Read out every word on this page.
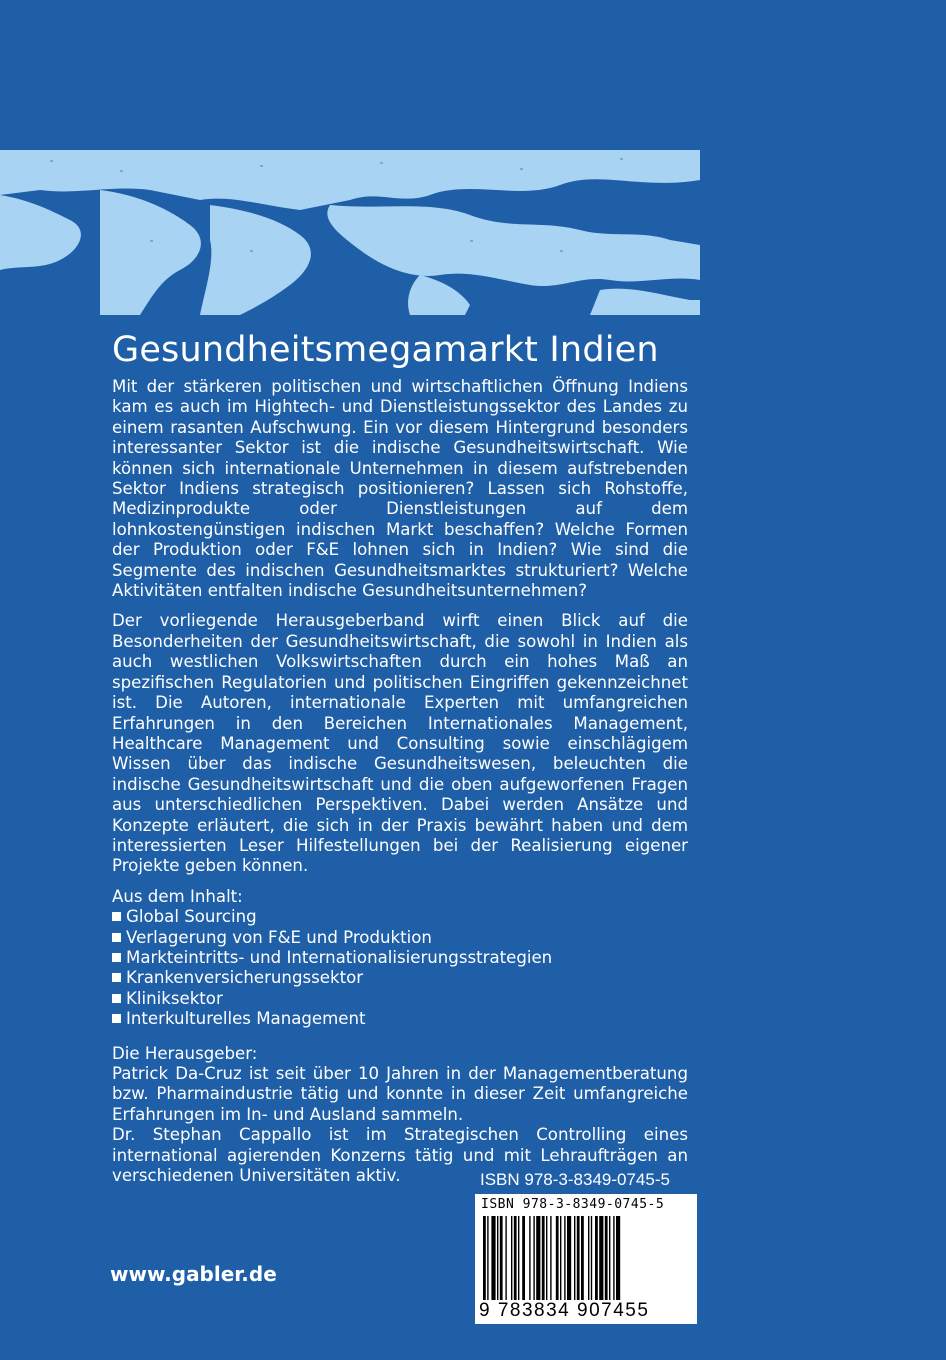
Gesundheitsmegamarkt Indien

Mit der stärkeren politischen und wirtschaftlichen Öffnung Indiens kam es auch im Hightech- und Dienstleistungssektor des Landes zu einem rasanten Aufschwung. Ein vor diesem Hintergrund besonders interessanter Sektor ist die indische Gesundheitswirtschaft. Wie können sich internationale Unternehmen in diesem aufstrebenden Sektor Indiens strategisch positionieren? Lassen sich Rohstoffe, Medizinprodukte oder Dienstleistungen auf dem lohnkostengünstigen indischen Markt beschaffen? Welche Formen der Produktion oder F&E lohnen sich in Indien? Wie sind die Segmente des indischen Gesundheitsmarktes strukturiert? Welche Aktivitäten entfalten indische Gesundheitsunternehmen?

Der vorliegende Herausgeberband wirft einen Blick auf die Besonderheiten der Gesundheitswirtschaft, die sowohl in Indien als auch westlichen Volkswirtschaften durch ein hohes Maß an spezifischen Regulatorien und politischen Eingriffen gekennzeichnet ist. Die Autoren, internationale Experten mit umfangreichen Erfahrungen in den Bereichen Internationales Management, Healthcare Management und Consulting sowie einschlägigem Wissen über das indische Gesundheitswesen, beleuchten die indische Gesundheitswirtschaft und die oben aufgeworfenen Fragen aus unterschiedlichen Perspektiven. Dabei werden Ansätze und Konzepte erläutert, die sich in der Praxis bewährt haben und dem interessierten Leser Hilfestellungen bei der Realisierung eigener Projekte geben können.

Aus dem Inhalt:
Global Sourcing
Verlagerung von F&E und Produktion
Markteintritts- und Internationalisierungsstrategien
Krankenversicherungssektor
Kliniksektor
Interkulturelles Management

Die Herausgeber:

Patrick Da-Cruz ist seit über 10 Jahren in der Managementberatung bzw. Pharmaindustrie tätig und konnte in dieser Zeit umfangreiche Erfahrungen im In- und Ausland sammeln.

Dr. Stephan Cappallo ist im Strategischen Controlling eines international agierenden Konzerns tätig und mit Lehraufträgen an verschiedenen Universitäten aktiv.	ISBN 978-3-8349-0745-5
ISBN 978-3-8349-0745-5
9 783834 907455
www.gabler.de
